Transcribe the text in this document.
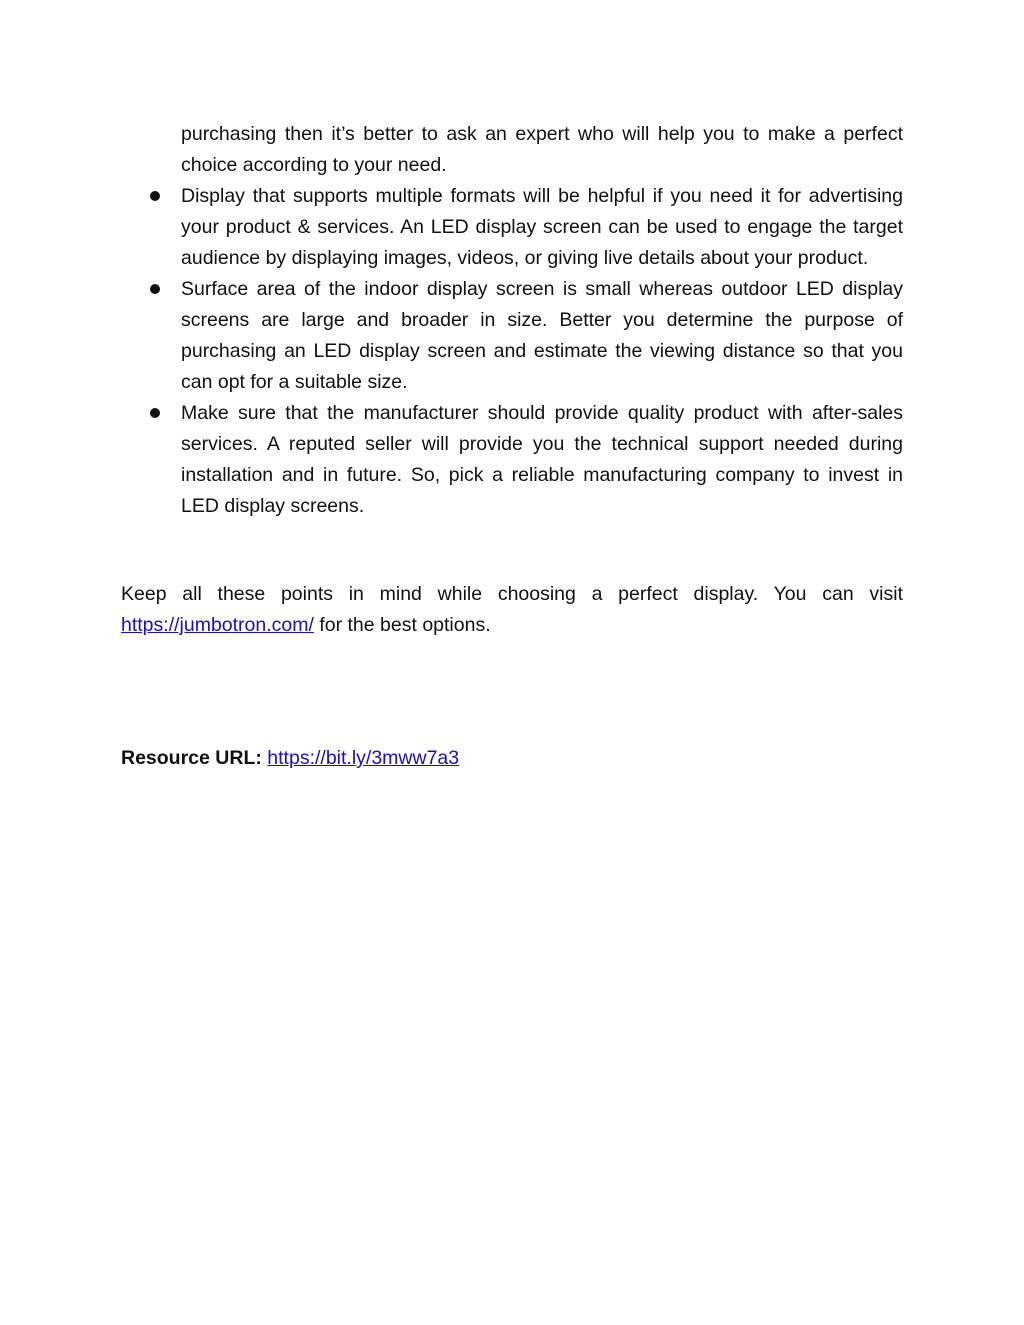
purchasing then it’s better to ask an expert who will help you to make a perfect choice according to your need.

Display that supports multiple formats will be helpful if you need it for advertising your product & services. An LED display screen can be used to engage the target audience by displaying images, videos, or giving live details about your product.
Surface area of the indoor display screen is small whereas outdoor LED display screens are large and broader in size. Better you determine the purpose of purchasing an LED display screen and estimate the viewing distance so that you can opt for a suitable size.
Make sure that the manufacturer should provide quality product with after-sales services. A reputed seller will provide you the technical support needed during installation and in future. So, pick a reliable manufacturing company to invest in LED display screens.

Keep all these points in mind while choosing a perfect display. You can visit https://jumbotron.com/ for the best options.

Resource URL: https://bit.ly/3mww7a3
